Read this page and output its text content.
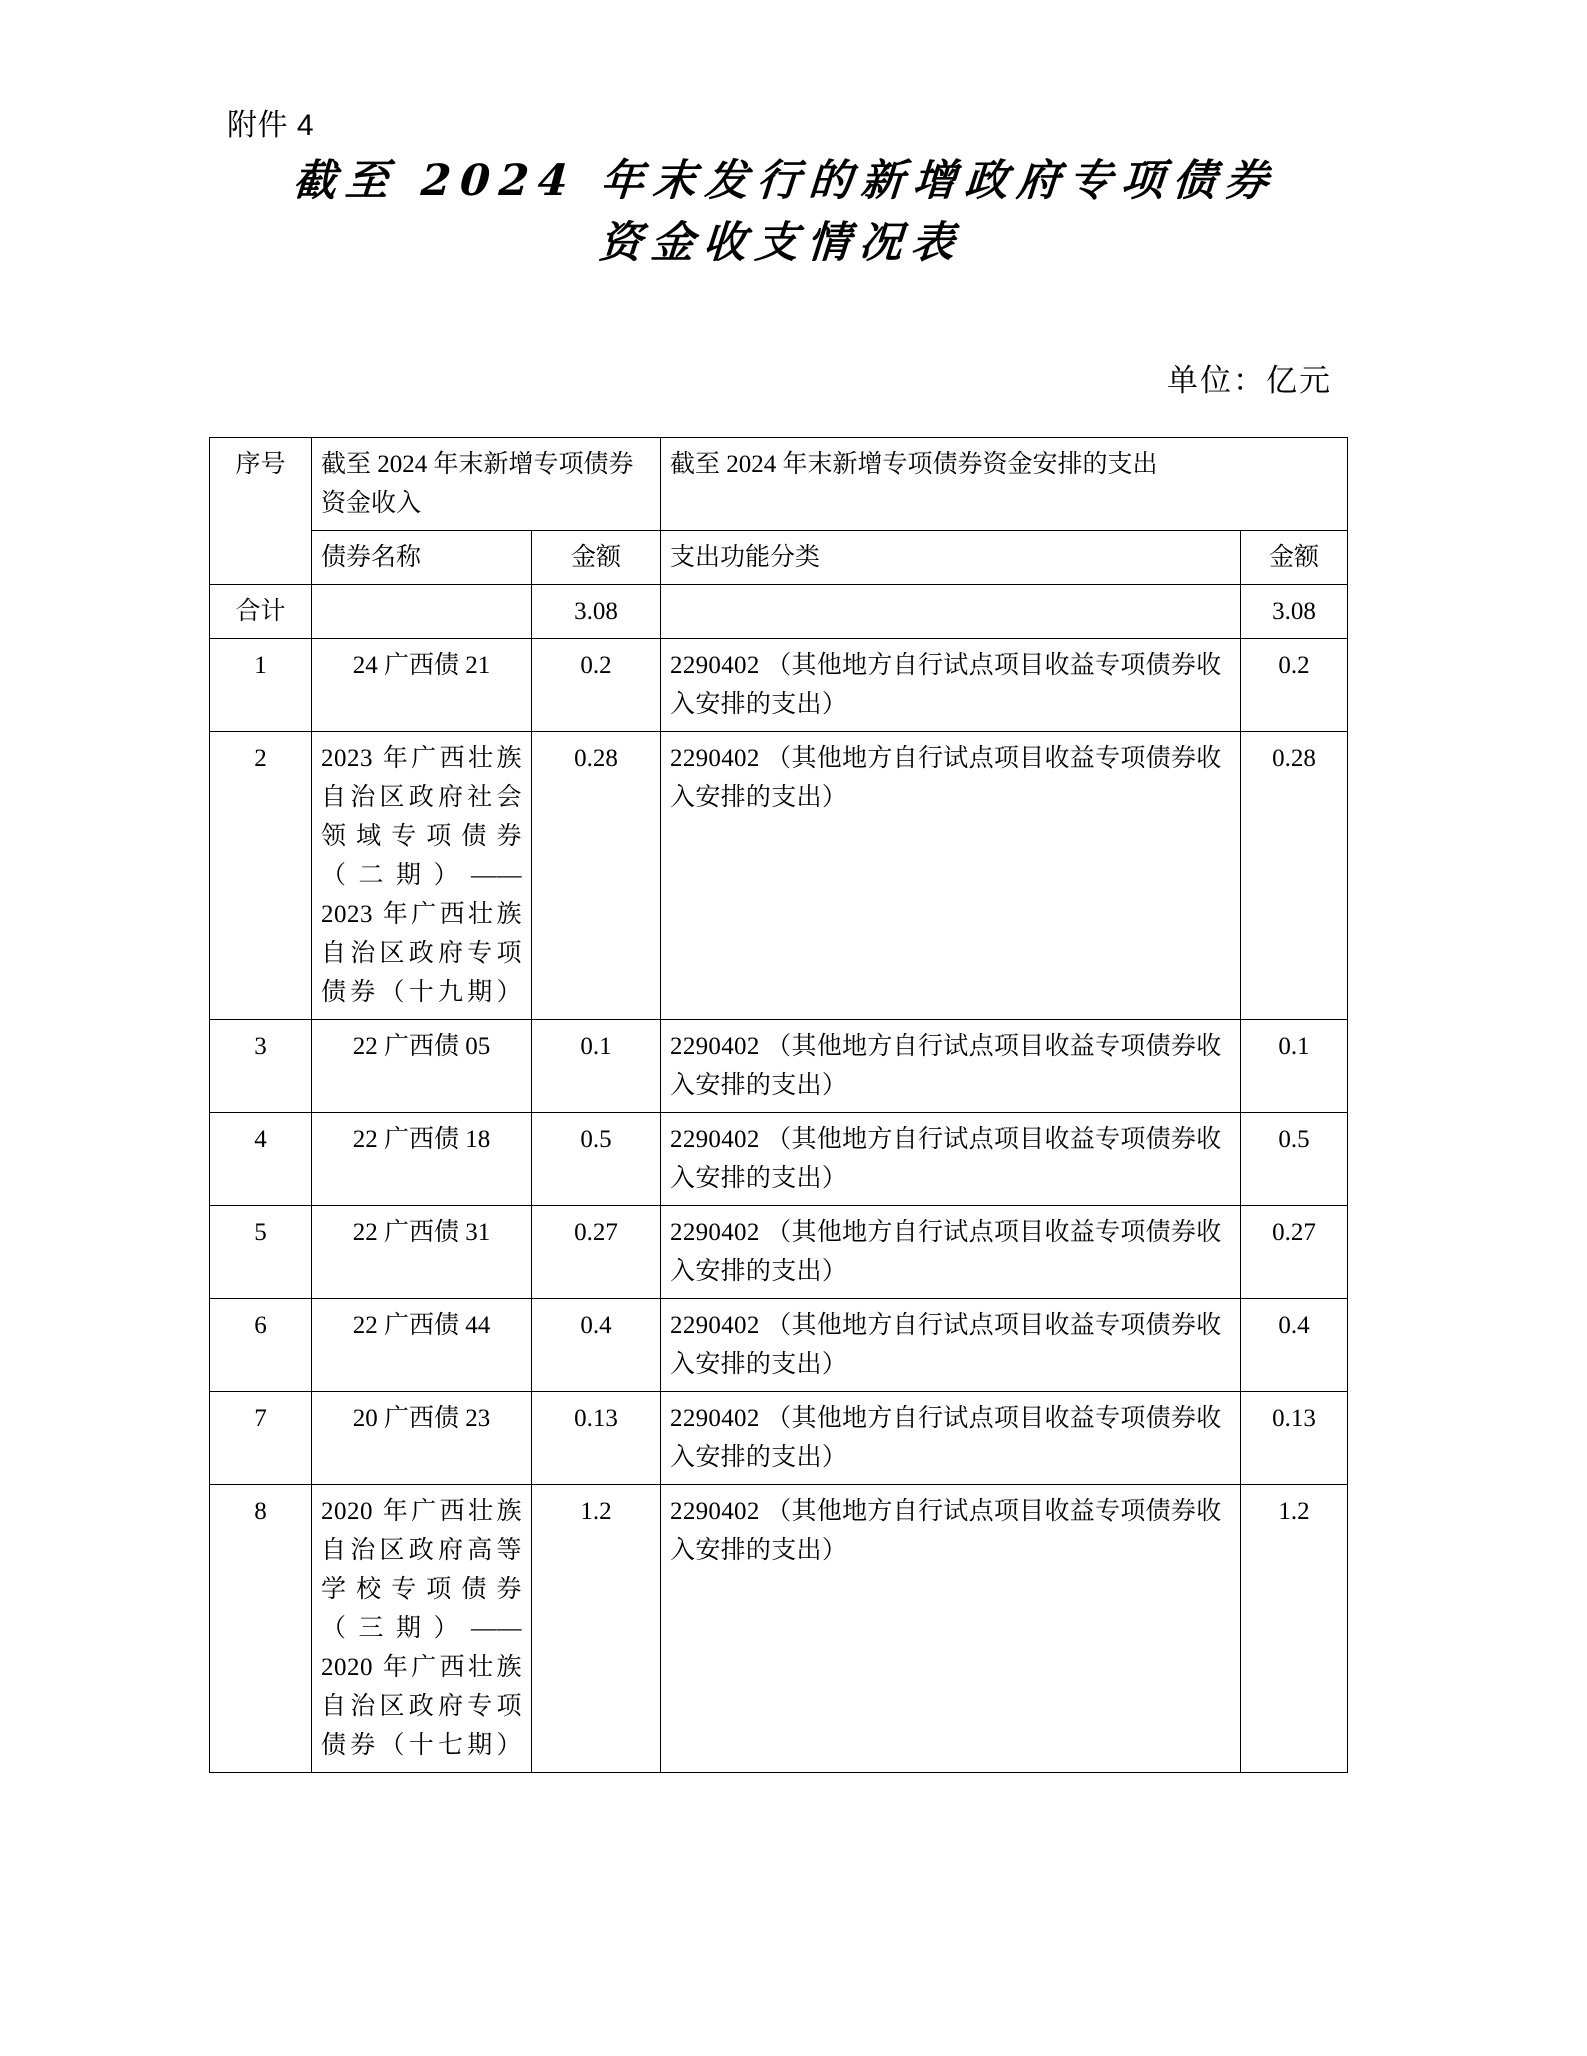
附件 4
截至 2024 年末发行的新增政府专项债券
资金收支情况表
单位：亿元
序号	截至 2024 年末新增专项债券资金收入		截至 2024 年末新增专项债券资金安排的支出	
	债券名称	金额	支出功能分类	金额
合计		3.08		3.08
1	24 广西债 21	0.2	2290402 （其他地方自行试点项目收益专项债券收入安排的支出）	0.2
2	2023 年广西壮族自治区政府社会领域专项债券（二期）——2023 年广西壮族自治区政府专项债券（十九期）	0.28	2290402 （其他地方自行试点项目收益专项债券收入安排的支出）	0.28
3	22 广西债 05	0.1	2290402 （其他地方自行试点项目收益专项债券收入安排的支出）	0.1
4	22 广西债 18	0.5	2290402 （其他地方自行试点项目收益专项债券收入安排的支出）	0.5
5	22 广西债 31	0.27	2290402 （其他地方自行试点项目收益专项债券收入安排的支出）	0.27
6	22 广西债 44	0.4	2290402 （其他地方自行试点项目收益专项债券收入安排的支出）	0.4
7	20 广西债 23	0.13	2290402 （其他地方自行试点项目收益专项债券收入安排的支出）	0.13
8	2020 年广西壮族自治区政府高等学校专项债券（三期）——2020 年广西壮族自治区政府专项债券（十七期）	1.2	2290402 （其他地方自行试点项目收益专项债券收入安排的支出）	1.2
